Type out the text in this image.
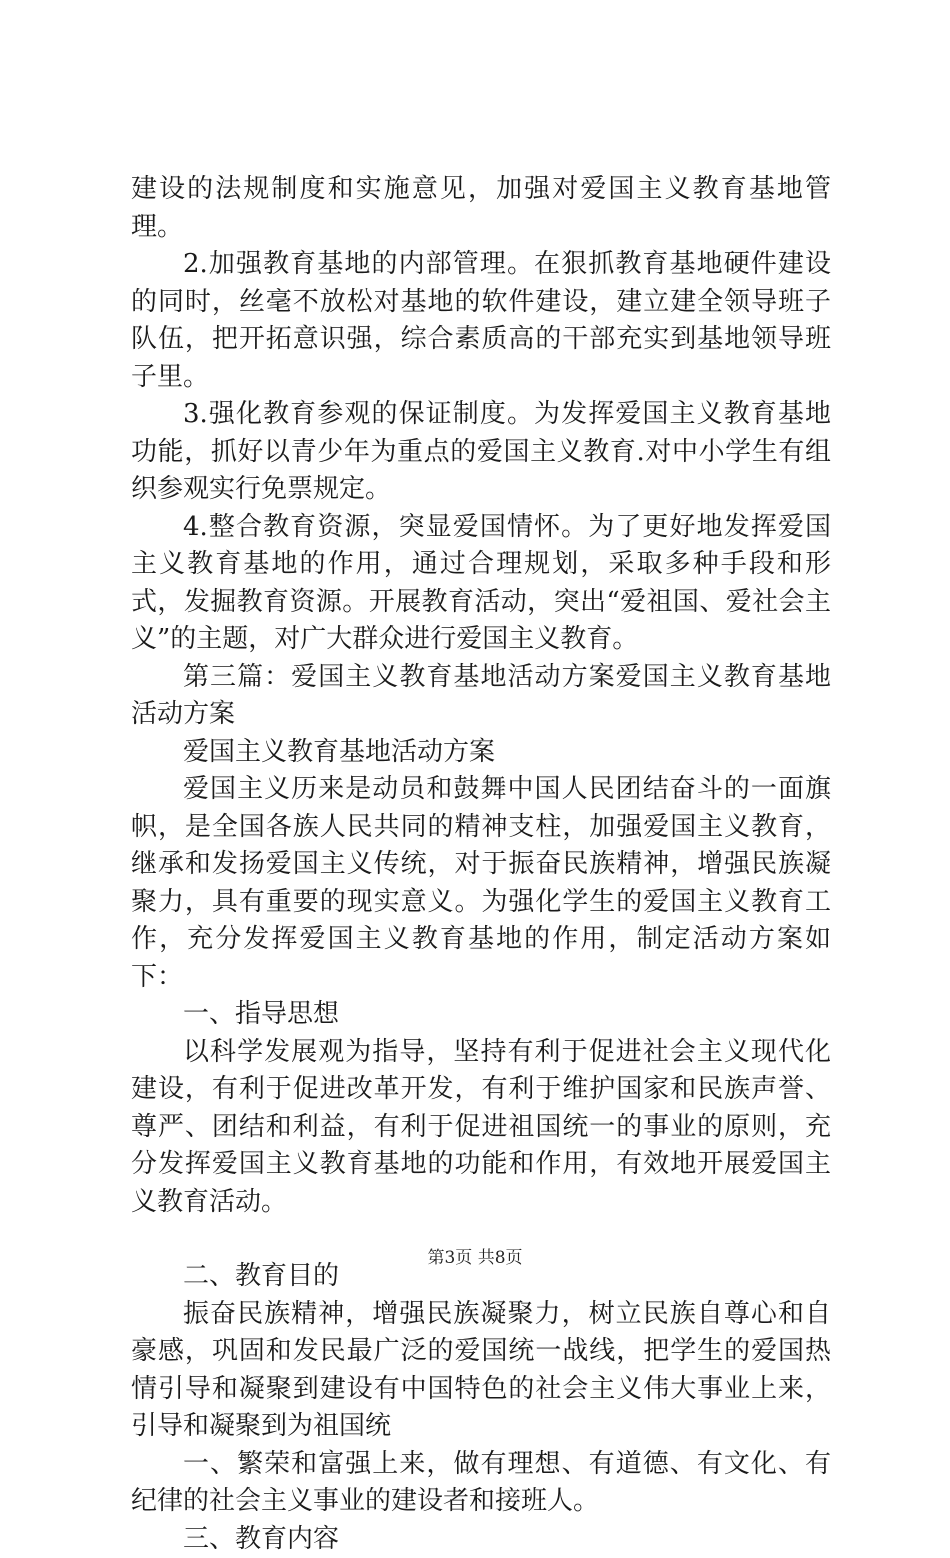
建设的法规制度和实施意见，加强对爱国主义教育基地管理。

2.加强教育基地的内部管理。在狠抓教育基地硬件建设的同时，丝毫不放松对基地的软件建设，建立建全领导班子队伍，把开拓意识强，综合素质高的干部充实到基地领导班子里。

3.强化教育参观的保证制度。为发挥爱国主义教育基地功能，抓好以青少年为重点的爱国主义教育.对中小学生有组织参观实行免票规定。

4.整合教育资源，突显爱国情怀。为了更好地发挥爱国主义教育基地的作用，通过合理规划，采取多种手段和形式，发掘教育资源。开展教育活动，突出“爱祖国、爱社会主义”的主题，对广大群众进行爱国主义教育。

第三篇：爱国主义教育基地活动方案爱国主义教育基地活动方案

爱国主义教育基地活动方案

爱国主义历来是动员和鼓舞中国人民团结奋斗的一面旗帜，是全国各族人民共同的精神支柱，加强爱国主义教育，继承和发扬爱国主义传统，对于振奋民族精神，增强民族凝聚力，具有重要的现实意义。为强化学生的爱国主义教育工作，充分发挥爱国主义教育基地的作用，制定活动方案如下：

一、指导思想

以科学发展观为指导，坚持有利于促进社会主义现代化建设，有利于促进改革开发，有利于维护国家和民族声誉、尊严、团结和利益，有利于促进祖国统一的事业的原则，充分发挥爱国主义教育基地的功能和作用，有效地开展爱国主义教育活动。

二、教育目的

振奋民族精神，增强民族凝聚力，树立民族自尊心和自豪感，巩固和发民最广泛的爱国统一战线，把学生的爱国热情引导和凝聚到建设有中国特色的社会主义伟大事业上来，引导和凝聚到为祖国统

一、繁荣和富强上来，做有理想、有道德、有文化、有纪律的社会主义事业的建设者和接班人。

三、教育内容

第3页 共8页
